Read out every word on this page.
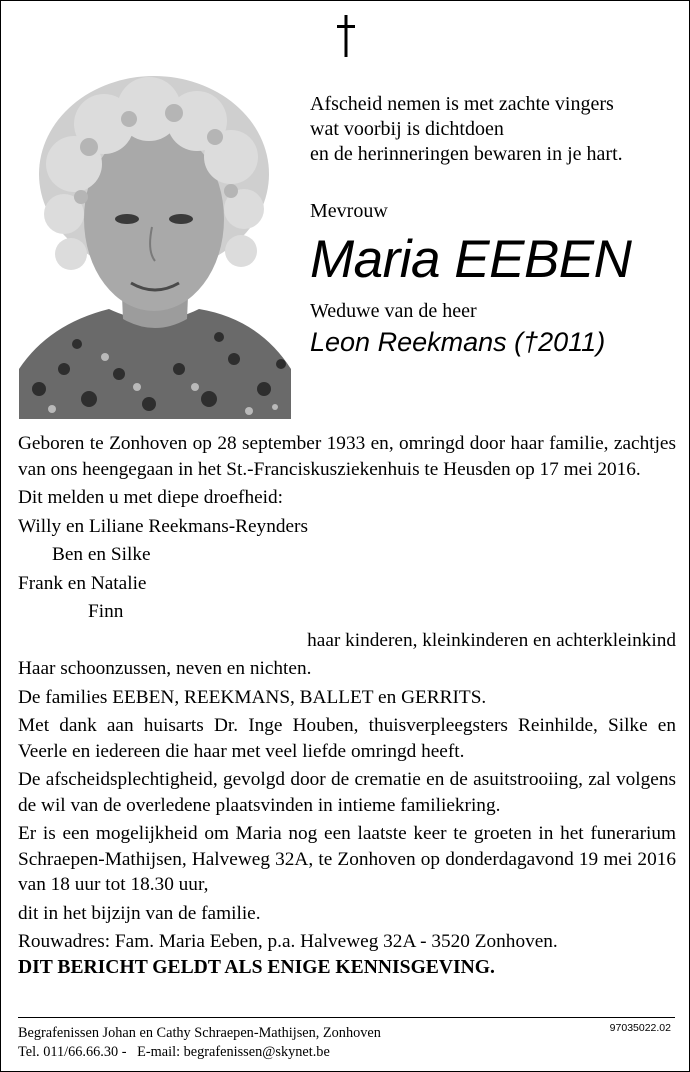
Afscheid nemen is met zachte vingers
wat voorbij is dichtdoen
en de herinneringen bewaren in je hart.
Mevrouw
Maria EEBEN
Weduwe van de heer
Leon Reekmans (†2011)

Geboren te Zonhoven op 28 september 1933 en, omringd door haar familie, zachtjes van ons heengegaan in het St.-Franciskusziekenhuis te Heusden op 17 mei 2016.

Dit melden u met diepe droefheid:

Willy en Liliane Reekmans-Reynders

Ben en Silke

Frank en Natalie

Finn

haar kinderen, kleinkinderen en achterkleinkind

Haar schoonzussen, neven en nichten.

De families EEBEN, REEKMANS, BALLET en GERRITS.

Met dank aan huisarts Dr. Inge Houben, thuisverpleegsters Reinhilde, Silke en Veerle en iedereen die haar met veel liefde omringd heeft.

De afscheidsplechtigheid, gevolgd door de crematie en de asuitstrooiing, zal volgens de wil van de overledene plaatsvinden in intieme familiekring.

Er is een mogelijkheid om Maria nog een laatste keer te groeten in het funerarium Schraepen-Mathijsen, Halveweg 32A, te Zonhoven op donderdagavond 19 mei 2016 van 18 uur tot 18.30 uur,

dit in het bijzijn van de familie.

Rouwadres: Fam. Maria Eeben, p.a. Halveweg 32A - 3520 Zonhoven.

DIT BERICHT GELDT ALS ENIGE KENNISGEVING.

97035022.02
Begrafenissen Johan en Cathy Schraepen-Mathijsen, Zonhoven
Tel. 011/66.66.30 -   E-mail: begrafenissen@skynet.be
